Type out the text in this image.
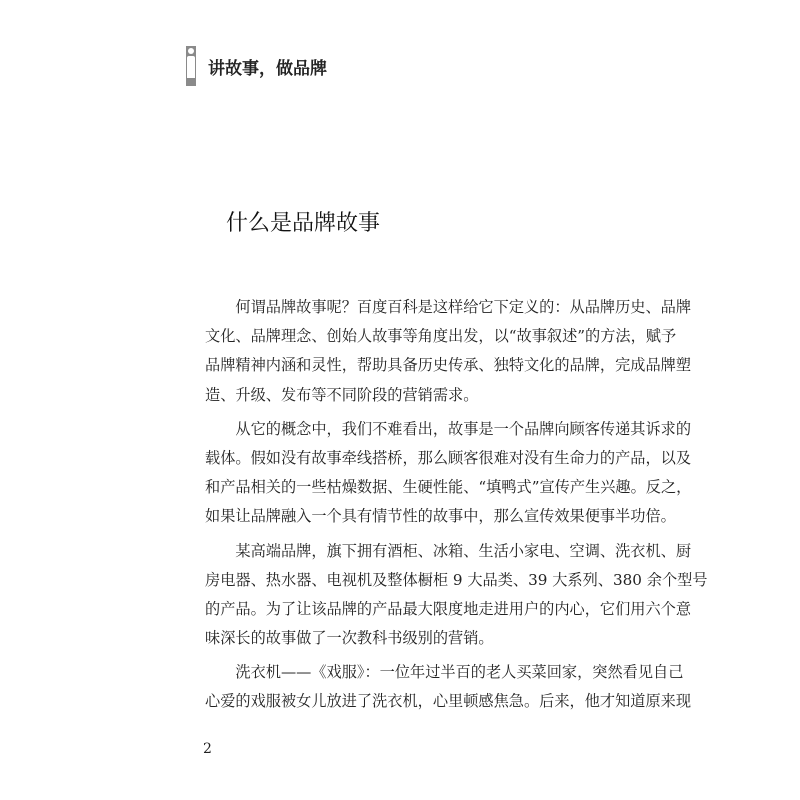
讲故事，做品牌
什么是品牌故事
　　何谓品牌故事呢？百度百科是这样给它下定义的：从品牌历史、品牌
文化、品牌理念、创始人故事等角度出发，以“故事叙述”的方法，赋予
品牌精神内涵和灵性，帮助具备历史传承、独特文化的品牌，完成品牌塑
造、升级、发布等不同阶段的营销需求。
　　从它的概念中，我们不难看出，故事是一个品牌向顾客传递其诉求的
载体。假如没有故事牵线搭桥，那么顾客很难对没有生命力的产品，以及
和产品相关的一些枯燥数据、生硬性能、“填鸭式”宣传产生兴趣。反之，
如果让品牌融入一个具有情节性的故事中，那么宣传效果便事半功倍。
　　某高端品牌，旗下拥有酒柜、冰箱、生活小家电、空调、洗衣机、厨
房电器、热水器、电视机及整体橱柜 9 大品类、39 大系列、380 余个型号
的产品。为了让该品牌的产品最大限度地走进用户的内心，它们用六个意
味深长的故事做了一次教科书级别的营销。
　　洗衣机——《戏服》：一位年过半百的老人买菜回家，突然看见自己
心爱的戏服被女儿放进了洗衣机，心里顿感焦急。后来，他才知道原来现
2
